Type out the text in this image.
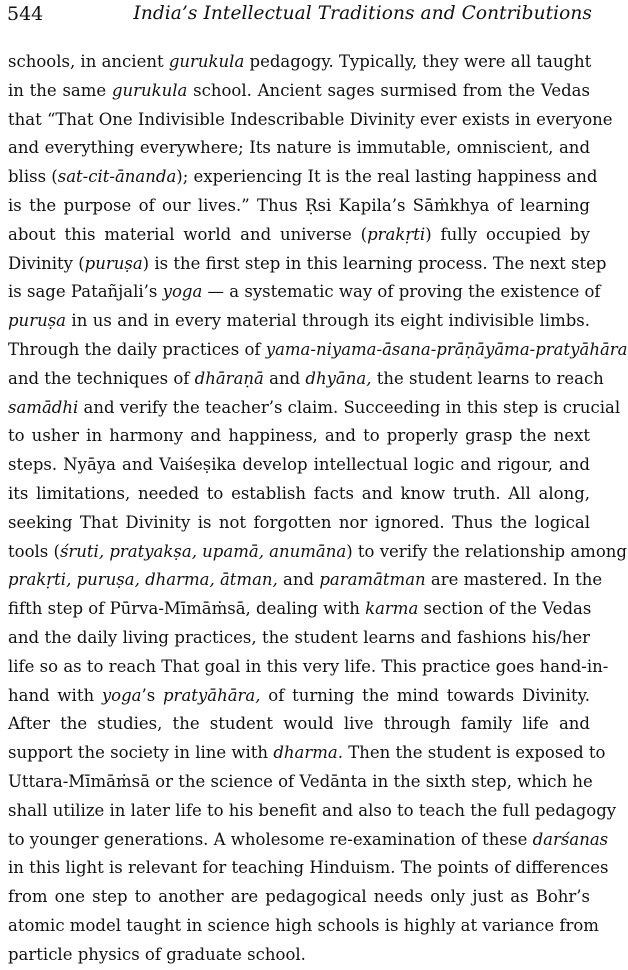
544	India’s Intellectual Traditions and Contributions
schools, in ancient gurukula pedagogy. Typically, they were all taught
in the same gurukula school. Ancient sages surmised from the Vedas
that “That One Indivisible Indescribable Divinity ever exists in everyone
and everything everywhere; Its nature is immutable, omniscient, and
bliss (sat-cit-ānanda); experiencing It is the real lasting happiness and
is the purpose of our lives.” Thus Ṛsi Kapila’s Sāṁkhya of learning
about this material world and universe (prakṛti) fully occupied by
Divinity (puruṣa) is the first step in this learning process. The next step
is sage Patañjali’s yoga — a systematic way of proving the existence of
puruṣa in us and in every material through its eight indivisible limbs.
Through the daily practices of yama-niyama-āsana-prāṇāyāma-pratyāhāra
and the techniques of dhāraṇā and dhyāna, the student learns to reach
samādhi and verify the teacher’s claim. Succeeding in this step is crucial
to usher in harmony and happiness, and to properly grasp the next
steps. Nyāya and Vaiśeṣika develop intellectual logic and rigour, and
its limitations, needed to establish facts and know truth. All along,
seeking That Divinity is not forgotten nor ignored. Thus the logical
tools (śruti, pratyakṣa, upamā, anumāna) to verify the relationship among
prakṛti, puruṣa, dharma, ātman, and paramātman are mastered. In the
fifth step of Pūrva-Mīmāṁsā, dealing with karma section of the Vedas
and the daily living practices, the student learns and fashions his/her
life so as to reach That goal in this very life. This practice goes hand-in-
hand with yoga’s pratyāhāra, of turning the mind towards Divinity.
After the studies, the student would live through family life and
support the society in line with dharma. Then the student is exposed to
Uttara-Mīmāṁsā or the science of Vedānta in the sixth step, which he
shall utilize in later life to his benefit and also to teach the full pedagogy
to younger generations. A wholesome re-examination of these darśanas
in this light is relevant for teaching Hinduism. The points of differences
from one step to another are pedagogical needs only just as Bohr’s
atomic model taught in science high schools is highly at variance from
particle physics of graduate school.
